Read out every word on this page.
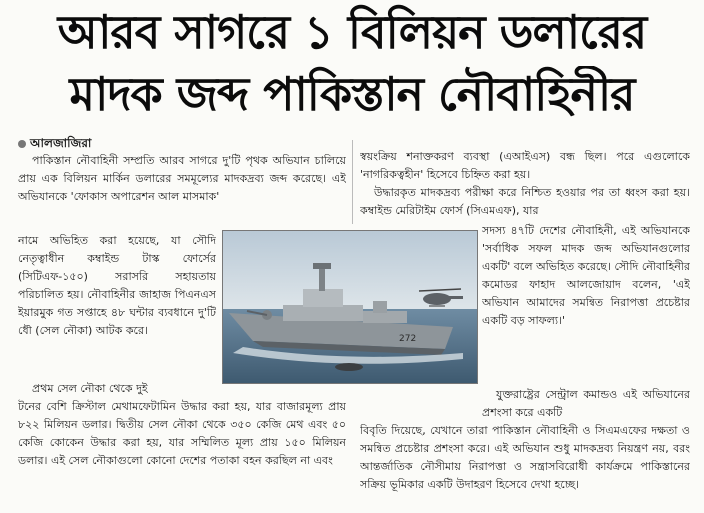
আরব সাগরে ১ বিলিয়ন ডলারের
মাদক জব্দ পাকিস্তান নৌবাহিনীর
আলজাজিরা

পাকিস্তান নৌবাহিনী সম্প্রতি আরব সাগরে দু'টি পৃথক অভিযান চালিয়ে প্রায় এক বিলিয়ন মার্কিন ডলারের সমমূল্যের মাদকদ্রব্য জব্দ করেছে। এই অভিযানকে 'ফোকাস অপারেশন আল মাসমাক'

নামে অভিহিত করা হয়েছে, যা সৌদি নেতৃত্বাধীন কম্বাইন্ড টাস্ক ফোর্সের (সিটিএফ-১৫০) সরাসরি সহায়তায় পরিচালিত হয়। নৌবাহিনীর জাহাজ পিএনএস ইয়ারমুক গত সপ্তাহে ৪৮ ঘন্টার ব্যবধানে দু'টি ধৌ (সেল নৌকা) আটক করে।

প্রথম সেল নৌকা থেকে দুই

টনের বেশি ক্রিস্টাল মেথামফেটামিন উদ্ধার করা হয়, যার বাজারমূল্য প্রায় ৮২২ মিলিয়ন ডলার। দ্বিতীয় সেল নৌকা থেকে ৩৫০ কেজি মেথ এবং ৫০ কেজি কোকেন উদ্ধার করা হয়, যার সম্মিলিত মূল্য প্রায় ১৫০ মিলিয়ন ডলার। এই সেল নৌকাগুলো কোনো দেশের পতাকা বহন করছিল না এবং

স্বয়ংক্রিয় শনাক্তকরণ ব্যবস্থা (এআইএস) বন্ধ ছিল। পরে এগুলোকে 'নাগরিকত্বহীন' হিসেবে চিহ্নিত করা হয়।

উদ্ধারকৃত মাদকদ্রব্য পরীক্ষা করে নিশ্চিত হওয়ার পর তা ধ্বংস করা হয়। কম্বাইন্ড মেরিটাইম ফোর্স (সিএমএফ), যার

সদস্য ৪৭টি দেশের নৌবাহিনী, এই অভিযানকে 'সর্বাধিক সফল মাদক জব্দ অভিযানগুলোর একটি' বলে অভিহিত করেছে। সৌদি নৌবাহিনীর কমোডর ফাহাদ আলজোয়াদ বলেন, 'এই অভিযান আমাদের সমন্বিত নিরাপত্তা প্রচেষ্টার একটি বড় সাফল্য।'

যুক্তরাষ্ট্রের সেন্ট্রাল কমান্ডও এই অভিযানের প্রশংসা করে একটি

বিবৃতি দিয়েছে, যেখানে তারা পাকিস্তান নৌবাহিনী ও সিএমএফের দক্ষতা ও সমন্বিত প্রচেষ্টার প্রশংসা করে। এই অভিযান শুধু মাদকদ্রব্য নিয়ন্ত্রণ নয়, বরং আন্তর্জাতিক নৌসীমায় নিরাপত্তা ও সন্ত্রাসবিরোধী কার্যক্রমে পাকিস্তানের সক্রিয় ভূমিকার একটি উদাহরণ হিসেবে দেখা হচ্ছে।

272
